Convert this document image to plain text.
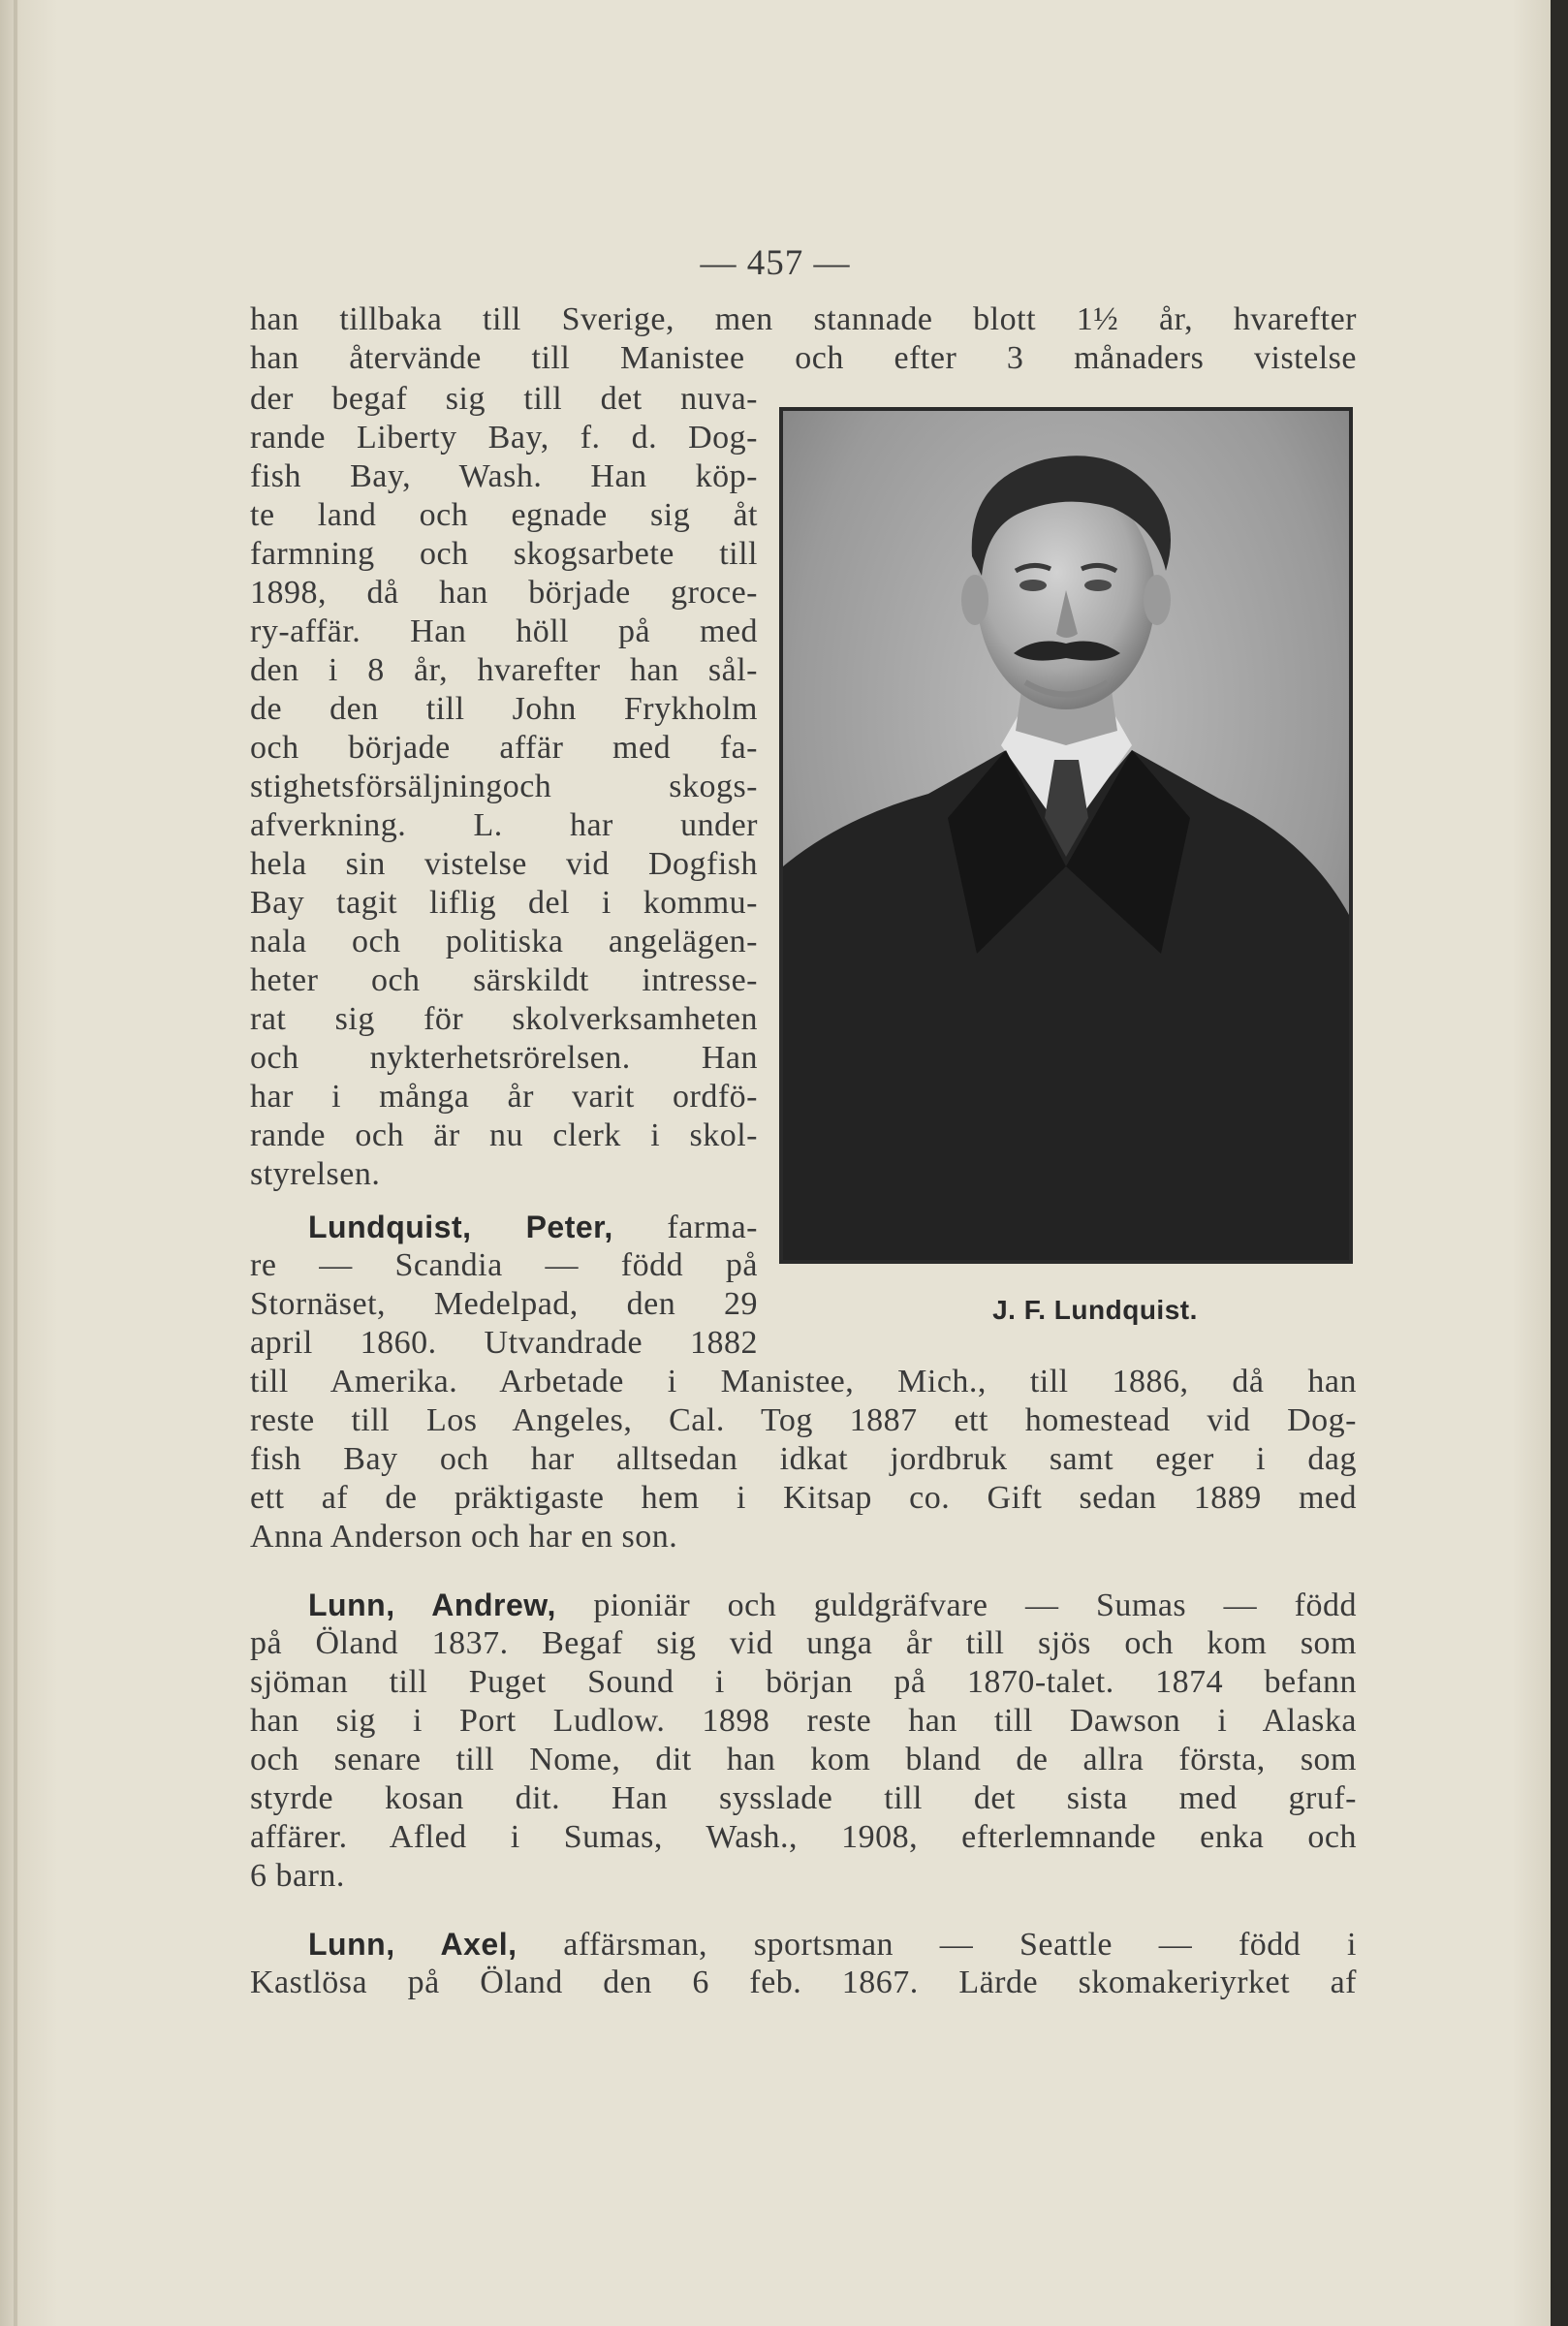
— 457 —
han tillbaka till Sverige, men stannade blott 1½ år, hvarefter
han återvände till Manistee och efter 3 månaders vistelse
der begaf sig till det nuva-
rande Liberty Bay, f. d. Dog-
fish Bay, Wash. Han köp-
te land och egnade sig åt
farmning och skogsarbete till
1898, då han började groce-
ry-affär. Han höll på med
den i 8 år, hvarefter han sål-
de den till John Frykholm
och började affär med fa-
stighetsförsäljningoch skogs-
afverkning. L. har under
hela sin vistelse vid Dogfish
Bay tagit liflig del i kommu-
nala och politiska angelägen-
heter och särskildt intresse-
rat sig för skolverksamheten
och nykterhetsrörelsen. Han
har i många år varit ordfö-
rande och är nu clerk i skol-
styrelsen.
Lundquist, Peter, farma-
re — Scandia — född på
Stornäset, Medelpad, den 29
april 1860. Utvandrade 1882
till Amerika. Arbetade i Manistee, Mich., till 1886, då han
reste till Los Angeles, Cal. Tog 1887 ett homestead vid Dog-
fish Bay och har alltsedan idkat jordbruk samt eger i dag
ett af de präktigaste hem i Kitsap co. Gift sedan 1889 med
Anna Anderson och har en son.
Lunn, Andrew, pioniär och guldgräfvare — Sumas — född
på Öland 1837. Begaf sig vid unga år till sjös och kom som
sjöman till Puget Sound i början på 1870-talet. 1874 befann
han sig i Port Ludlow. 1898 reste han till Dawson i Alaska
och senare till Nome, dit han kom bland de allra första, som
styrde kosan dit. Han sysslade till det sista med gruf-
affärer. Afled i Sumas, Wash., 1908, efterlemnande enka och
6 barn.
Lunn, Axel, affärsman, sportsman — Seattle — född i
Kastlösa på Öland den 6 feb. 1867. Lärde skomakeriyrket af
J. F. Lundquist.
